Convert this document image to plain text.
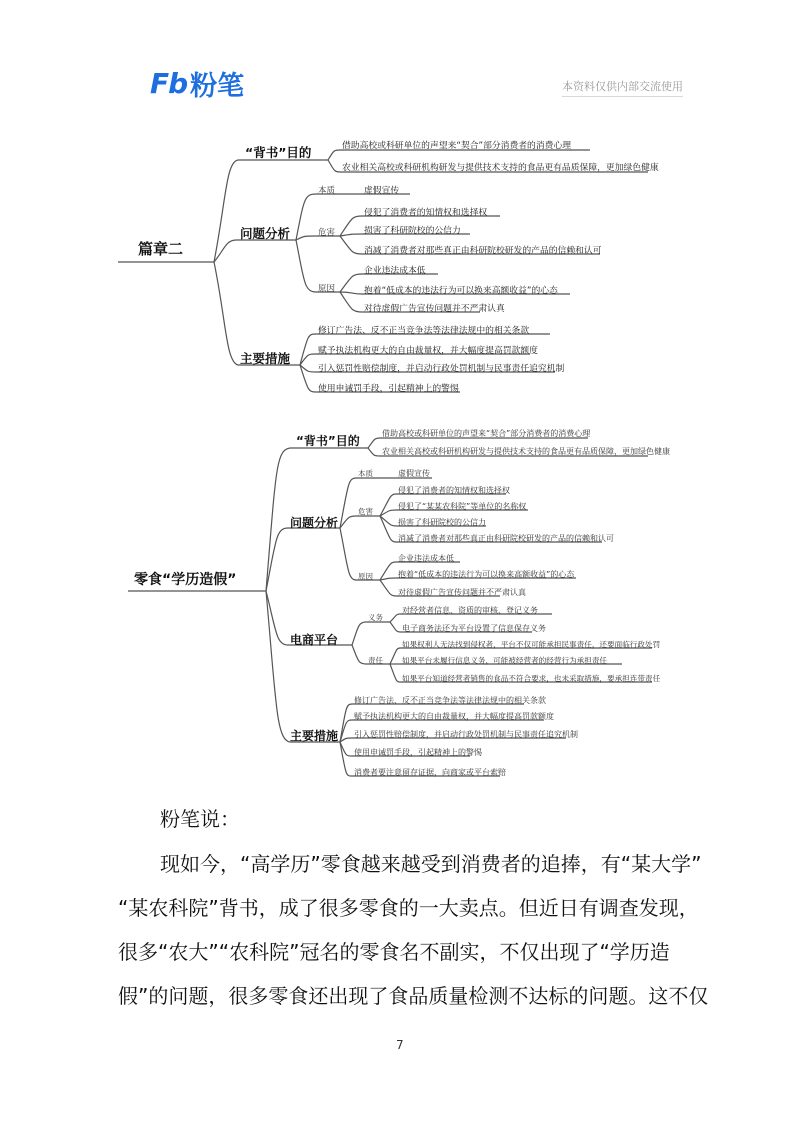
Fb 粉笔	本资料仅供内部交流使用
篇章二
“背书”目的	借助高校或科研单位的声望来“契合”部分消费者的消费心理
农业相关高校或科研机构研发与提供技术支持的食品更有品质保障，更加绿色健康
问题分析
本质	虚假宣传
危害
侵犯了消费者的知情权和选择权
损害了科研院校的公信力
消减了消费者对那些真正由科研院校研发的产品的信赖和认可
原因
企业违法成本低
抱着“低成本的违法行为可以换来高额收益”的心态
对待虚假广告宣传问题并不严肃认真
主要措施
修订广告法、反不正当竞争法等法律法规中的相关条款
赋予执法机构更大的自由裁量权，并大幅度提高罚款额度
引入惩罚性赔偿制度，并启动行政处罚机制与民事责任追究机制
使用申诫罚手段，引起精神上的警惕
零食“学历造假”
“背书”目的
借助高校或科研单位的声望来“契合”部分消费者的消费心理
农业相关高校或科研机构研发与提供技术支持的食品更有品质保障，更加绿色健康
问题分析
本质	虚假宣传
危害
侵犯了消费者的知情权和选择权
侵犯了“某某农科院”等单位的名称权
损害了科研院校的公信力
消减了消费者对那些真正由科研院校研发的产品的信赖和认可
原因
企业违法成本低
抱着“低成本的违法行为可以换来高额收益”的心态
对待虚假广告宣传问题并不严肃认真
电商平台
义务
对经营者信息、资质的审核、登记义务
电子商务法还为平台设置了信息保存义务
责任
如果权利人无法找到侵权者，平台不仅可能承担民事责任，还要面临行政处罚
如果平台未履行信息义务，可能被经营者的经营行为承担责任
如果平台知道经营者销售的食品不符合要求，也未采取措施，要承担连带责任
主要措施
修订广告法、反不正当竞争法等法律法规中的相关条款
赋予执法机构更大的自由裁量权，并大幅度提高罚款额度
引入惩罚性赔偿制度，并启动行政处罚机制与民事责任追究机制
使用申诫罚手段，引起精神上的警惕
消费者要注意留存证据，向商家或平台索赔
粉笔说：
现如今，“高学历”零食越来越受到消费者的追捧，有“某大学”
“某农科院”背书，成了很多零食的一大卖点。但近日有调查发现，
很多“农大”“农科院”冠名的零食名不副实，不仅出现了“学历造
假”的问题，很多零食还出现了食品质量检测不达标的问题。这不仅
7
